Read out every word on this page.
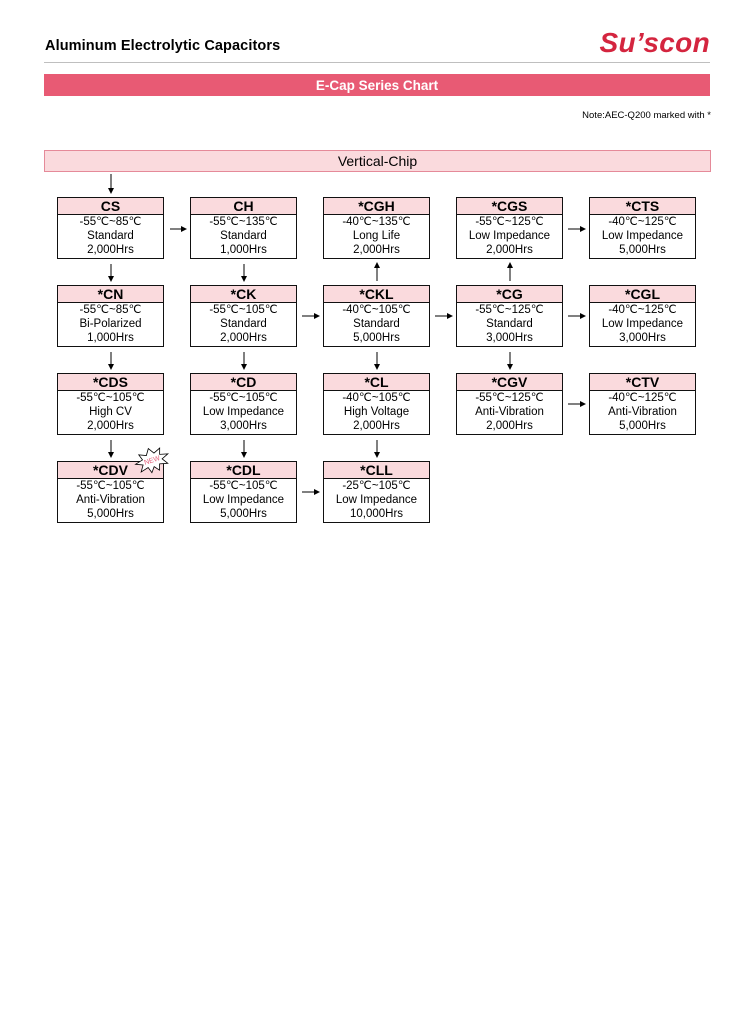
Aluminum Electrolytic Capacitors	Su’scon
E-Cap Series Chart
Note:AEC-Q200 marked with *
Vertical-Chip
CS
-55℃~85℃
Standard
2,000Hrs
CH
-55℃~135℃
Standard
1,000Hrs
*CGH
-40℃~135℃
Long Life
2,000Hrs
*CGS
-55℃~125℃
Low Impedance
2,000Hrs
*CTS
-40℃~125℃
Low Impedance
5,000Hrs
*CN
-55℃~85℃
Bi-Polarized
1,000Hrs
*CK
-55℃~105℃
Standard
2,000Hrs
*CKL
-40℃~105℃
Standard
5,000Hrs
*CG
-55℃~125℃
Standard
3,000Hrs
*CGL
-40℃~125℃
Low Impedance
3,000Hrs
*CDS
-55℃~105℃
High CV
2,000Hrs
*CD
-55℃~105℃
Low Impedance
3,000Hrs
*CL
-40℃~105℃
High Voltage
2,000Hrs
*CGV
-55℃~125℃
Anti-Vibration
2,000Hrs
*CTV
-40℃~125℃
Anti-Vibration
5,000Hrs
*CDV
-55℃~105℃
Anti-Vibration
5,000Hrs
*CDL
-55℃~105℃
Low Impedance
5,000Hrs
*CLL
-25℃~105℃
Low Impedance
10,000Hrs
NEW
